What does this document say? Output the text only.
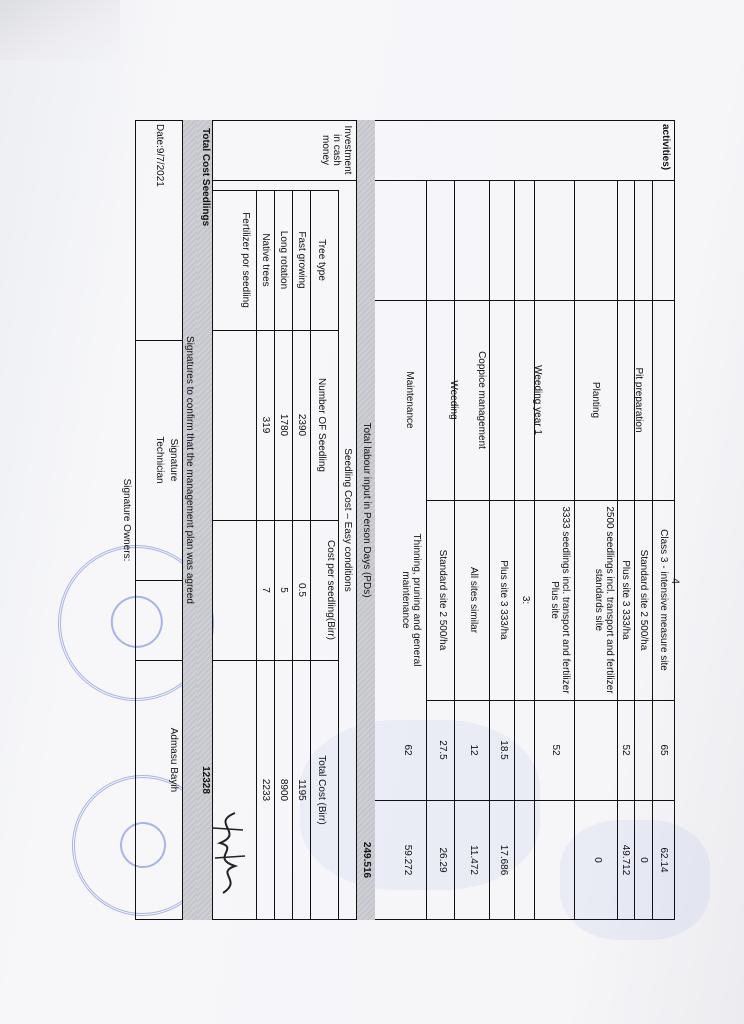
4
activities)
Class 3 - intensive measure site
65
62.14
Pit preparation
Standard site 2 500/ha
0
Plus site 3 333/ha
52
49.712
Planting
2500 seedlings incl. transport and fertilizer standards site
0
3333 seedlings incl. transport and fertilizer Plus site
52
Weeding year 1
3:
Plus site 3 333/ha
18.5
17.686
Coppice management
All sites similar
12
11.472
Weeding
Standard site 2 500/ha
27.5
26.29
Maintenance
Thinning, pruning and general maintenance
62
59.272
Total labour input in Person Days (PDs)
249.516
Investment in cash money
Seedling Cost – Easy conditions
Tree type
Number OF Seedling
Cost per seedling(Birr)
Total Cost (Birr)
Fast growing
2390
0.5
1195
Long rotation
1780
5
8900
Native trees
319
7
2233
Fertilizer por seedling
Total Cost Seedlings
12328
Signatures to confirm that the management plan was agreed
Date:9/7/2021
Signature
Technician
Admasu Bayih
Signature Owners:
